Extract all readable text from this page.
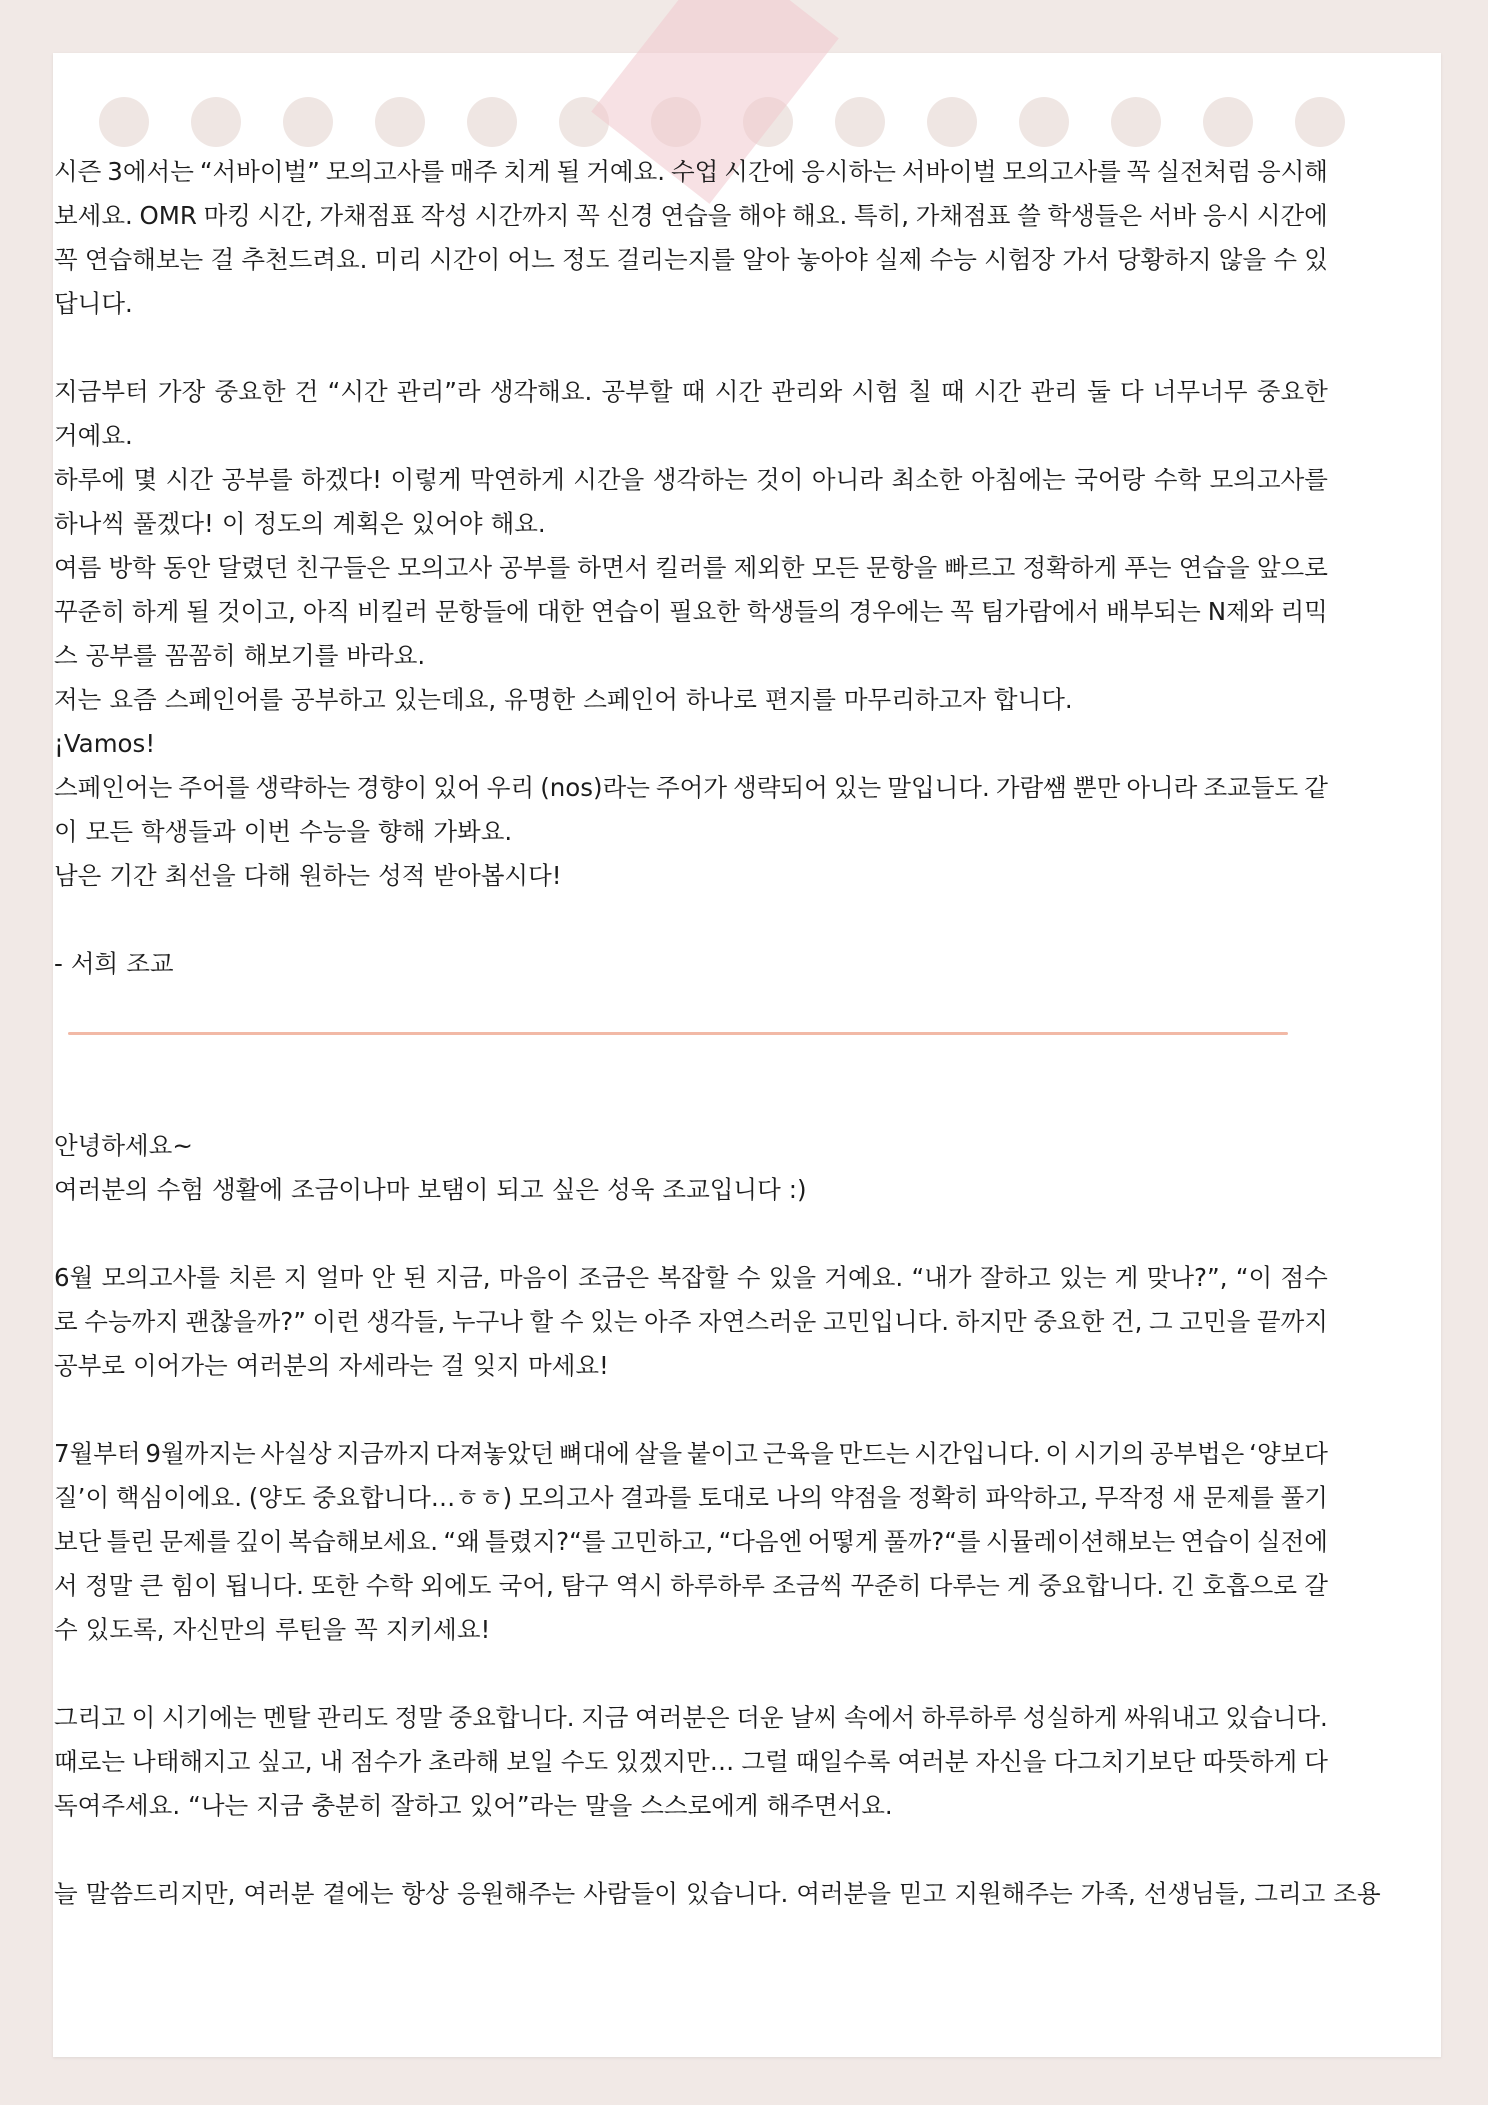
시즌 3에서는 “서바이벌” 모의고사를 매주 치게 될 거예요. 수업 시간에 응시하는 서바이벌 모의고사를 꼭 실전처럼 응시해
보세요. OMR 마킹 시간, 가채점표 작성 시간까지 꼭 신경 연습을 해야 해요. 특히, 가채점표 쓸 학생들은 서바 응시 시간에
꼭 연습해보는 걸 추천드려요. 미리 시간이 어느 정도 걸리는지를 알아 놓아야 실제 수능 시험장 가서 당황하지 않을 수 있
답니다.
지금부터 가장 중요한 건 “시간 관리”라 생각해요. 공부할 때 시간 관리와 시험 칠 때 시간 관리 둘 다 너무너무 중요한
거예요.
하루에 몇 시간 공부를 하겠다! 이렇게 막연하게 시간을 생각하는 것이 아니라 최소한 아침에는 국어랑 수학 모의고사를
하나씩 풀겠다! 이 정도의 계획은 있어야 해요.
여름 방학 동안 달렸던 친구들은 모의고사 공부를 하면서 킬러를 제외한 모든 문항을 빠르고 정확하게 푸는 연습을 앞으로
꾸준히 하게 될 것이고, 아직 비킬러 문항들에 대한 연습이 필요한 학생들의 경우에는 꼭 팀가람에서 배부되는 N제와 리믹
스 공부를 꼼꼼히 해보기를 바라요.
저는 요즘 스페인어를 공부하고 있는데요, 유명한 스페인어 하나로 편지를 마무리하고자 합니다.
¡Vamos!
스페인어는 주어를 생략하는 경향이 있어 우리 (nos)라는 주어가 생략되어 있는 말입니다. 가람쌤 뿐만 아니라 조교들도 같
이 모든 학생들과 이번 수능을 향해 가봐요.
남은 기간 최선을 다해 원하는 성적 받아봅시다!
- 서희 조교
안녕하세요~
여러분의 수험 생활에 조금이나마 보탬이 되고 싶은 성욱 조교입니다 :)
6월 모의고사를 치른 지 얼마 안 된 지금, 마음이 조금은 복잡할 수 있을 거예요. “내가 잘하고 있는 게 맞나?”, “이 점수
로 수능까지 괜찮을까?” 이런 생각들, 누구나 할 수 있는 아주 자연스러운 고민입니다. 하지만 중요한 건, 그 고민을 끝까지
공부로 이어가는 여러분의 자세라는 걸 잊지 마세요!
7월부터 9월까지는 사실상 지금까지 다져놓았던 뼈대에 살을 붙이고 근육을 만드는 시간입니다. 이 시기의 공부법은 ‘양보다
질’이 핵심이에요. (양도 중요합니다…ㅎㅎ) 모의고사 결과를 토대로 나의 약점을 정확히 파악하고, 무작정 새 문제를 풀기
보단 틀린 문제를 깊이 복습해보세요. “왜 틀렸지?“를 고민하고, “다음엔 어떻게 풀까?“를 시뮬레이션해보는 연습이 실전에
서 정말 큰 힘이 됩니다. 또한 수학 외에도 국어, 탐구 역시 하루하루 조금씩 꾸준히 다루는 게 중요합니다. 긴 호흡으로 갈
수 있도록, 자신만의 루틴을 꼭 지키세요!
그리고 이 시기에는 멘탈 관리도 정말 중요합니다. 지금 여러분은 더운 날씨 속에서 하루하루 성실하게 싸워내고 있습니다.
때로는 나태해지고 싶고, 내 점수가 초라해 보일 수도 있겠지만… 그럴 때일수록 여러분 자신을 다그치기보단 따뜻하게 다
독여주세요. “나는 지금 충분히 잘하고 있어”라는 말을 스스로에게 해주면서요.
늘 말씀드리지만, 여러분 곁에는 항상 응원해주는 사람들이 있습니다. 여러분을 믿고 지원해주는 가족, 선생님들, 그리고 조용
